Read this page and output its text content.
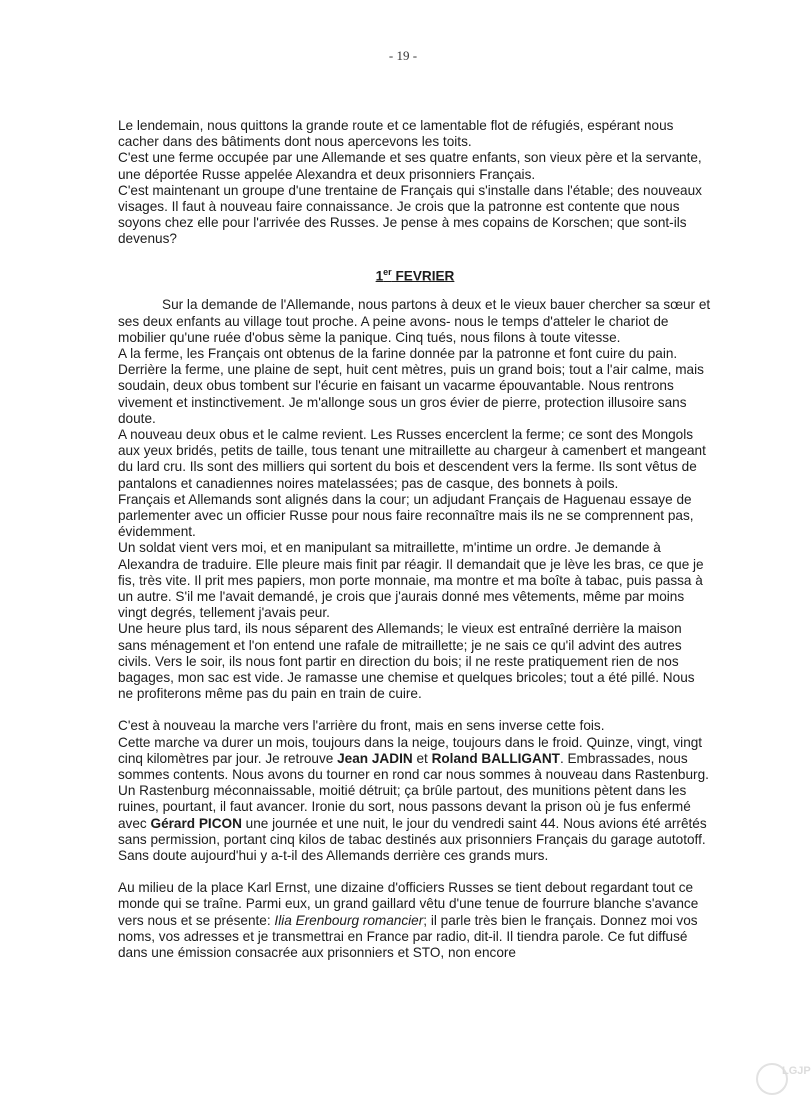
- 19 -

Le lendemain, nous quittons la grande route et ce lamentable flot de réfugiés, espérant nous cacher dans des bâtiments dont nous apercevons les toits.

C'est une ferme occupée par une Allemande et ses quatre enfants, son vieux père et la servante, une déportée Russe appelée Alexandra et deux prisonniers Français.

C'est maintenant un groupe d'une trentaine de Français qui s'installe dans l'étable; des nouveaux visages. Il faut à nouveau faire connaissance. Je crois que la patronne est contente que nous soyons chez elle pour l'arrivée des Russes. Je pense à mes copains de Korschen; que sont-ils devenus?

1er FEVRIER

Sur la demande de l'Allemande, nous partons à deux et le vieux bauer chercher sa sœur et ses deux enfants au village tout proche. A peine avons- nous le temps d'atteler le chariot de mobilier qu'une ruée d'obus sème la panique. Cinq tués, nous filons à toute vitesse.

A la ferme, les Français ont obtenus de la farine donnée par la patronne et font cuire du pain. Derrière la ferme, une plaine de sept, huit cent mètres, puis un grand bois; tout a l'air calme, mais soudain, deux obus tombent sur l'écurie en faisant un vacarme épouvantable. Nous rentrons vivement et instinctivement. Je m'allonge sous un gros évier de pierre, protection illusoire sans doute.

A nouveau deux obus et le calme revient. Les Russes encerclent la ferme; ce sont des Mongols aux yeux bridés, petits de taille, tous tenant une mitraillette au chargeur à camenbert et mangeant du lard cru. Ils sont des milliers qui sortent du bois et descendent vers la ferme. Ils sont vêtus de pantalons et canadiennes noires matelassées; pas de casque, des bonnets à poils.

Français et Allemands sont alignés dans la cour; un adjudant Français de Haguenau essaye de parlementer avec un officier Russe pour nous faire reconnaître mais ils ne se comprennent pas, évidemment.

Un soldat vient vers moi, et en manipulant sa mitraillette, m'intime un ordre. Je demande à Alexandra de traduire. Elle pleure mais finit par réagir. Il demandait que je lève les bras, ce que je fis, très vite. Il prit mes papiers, mon porte monnaie, ma montre et ma boîte à tabac, puis passa à un autre. S'il me l'avait demandé, je crois que j'aurais donné mes vêtements, même par moins vingt degrés, tellement j'avais peur.

Une heure plus tard, ils nous séparent des Allemands; le vieux est entraîné derrière la maison sans ménagement et l'on entend une rafale de mitraillette; je ne sais ce qu'il advint des autres civils. Vers le soir, ils nous font partir en direction du bois; il ne reste pratiquement rien de nos bagages, mon sac est vide. Je ramasse une chemise et quelques bricoles; tout a été pillé. Nous ne profiterons même pas du pain en train de cuire.

C'est à nouveau la marche vers l'arrière du front, mais en sens inverse cette fois.

Cette marche va durer un mois, toujours dans la neige, toujours dans le froid. Quinze, vingt, vingt cinq kilomètres par jour. Je retrouve Jean JADIN et Roland BALLIGANT. Embrassades, nous sommes contents. Nous avons du tourner en rond car nous sommes à nouveau dans Rastenburg. Un Rastenburg méconnaissable, moitié détruit; ça brûle partout, des munitions pètent dans les ruines, pourtant, il faut avancer. Ironie du sort, nous passons devant la prison où je fus enfermé avec Gérard PICON une journée et une nuit, le jour du vendredi saint 44. Nous avions été arrêtés sans permission, portant cinq kilos de tabac destinés aux prisonniers Français du garage autotoff. Sans doute aujourd'hui y a-t-il des Allemands derrière ces grands murs.

Au milieu de la place Karl Ernst, une dizaine d'officiers Russes se tient debout regardant tout ce monde qui se traîne. Parmi eux, un grand gaillard vêtu d'une tenue de fourrure blanche s'avance vers nous et se présente: Ilia Erenbourg romancier; il parle très bien le français. Donnez moi vos noms, vos adresses et je transmettrai en France par radio, dit-il. Il tiendra parole. Ce fut diffusé dans une émission consacrée aux prisonniers et STO, non encore

LGJP
